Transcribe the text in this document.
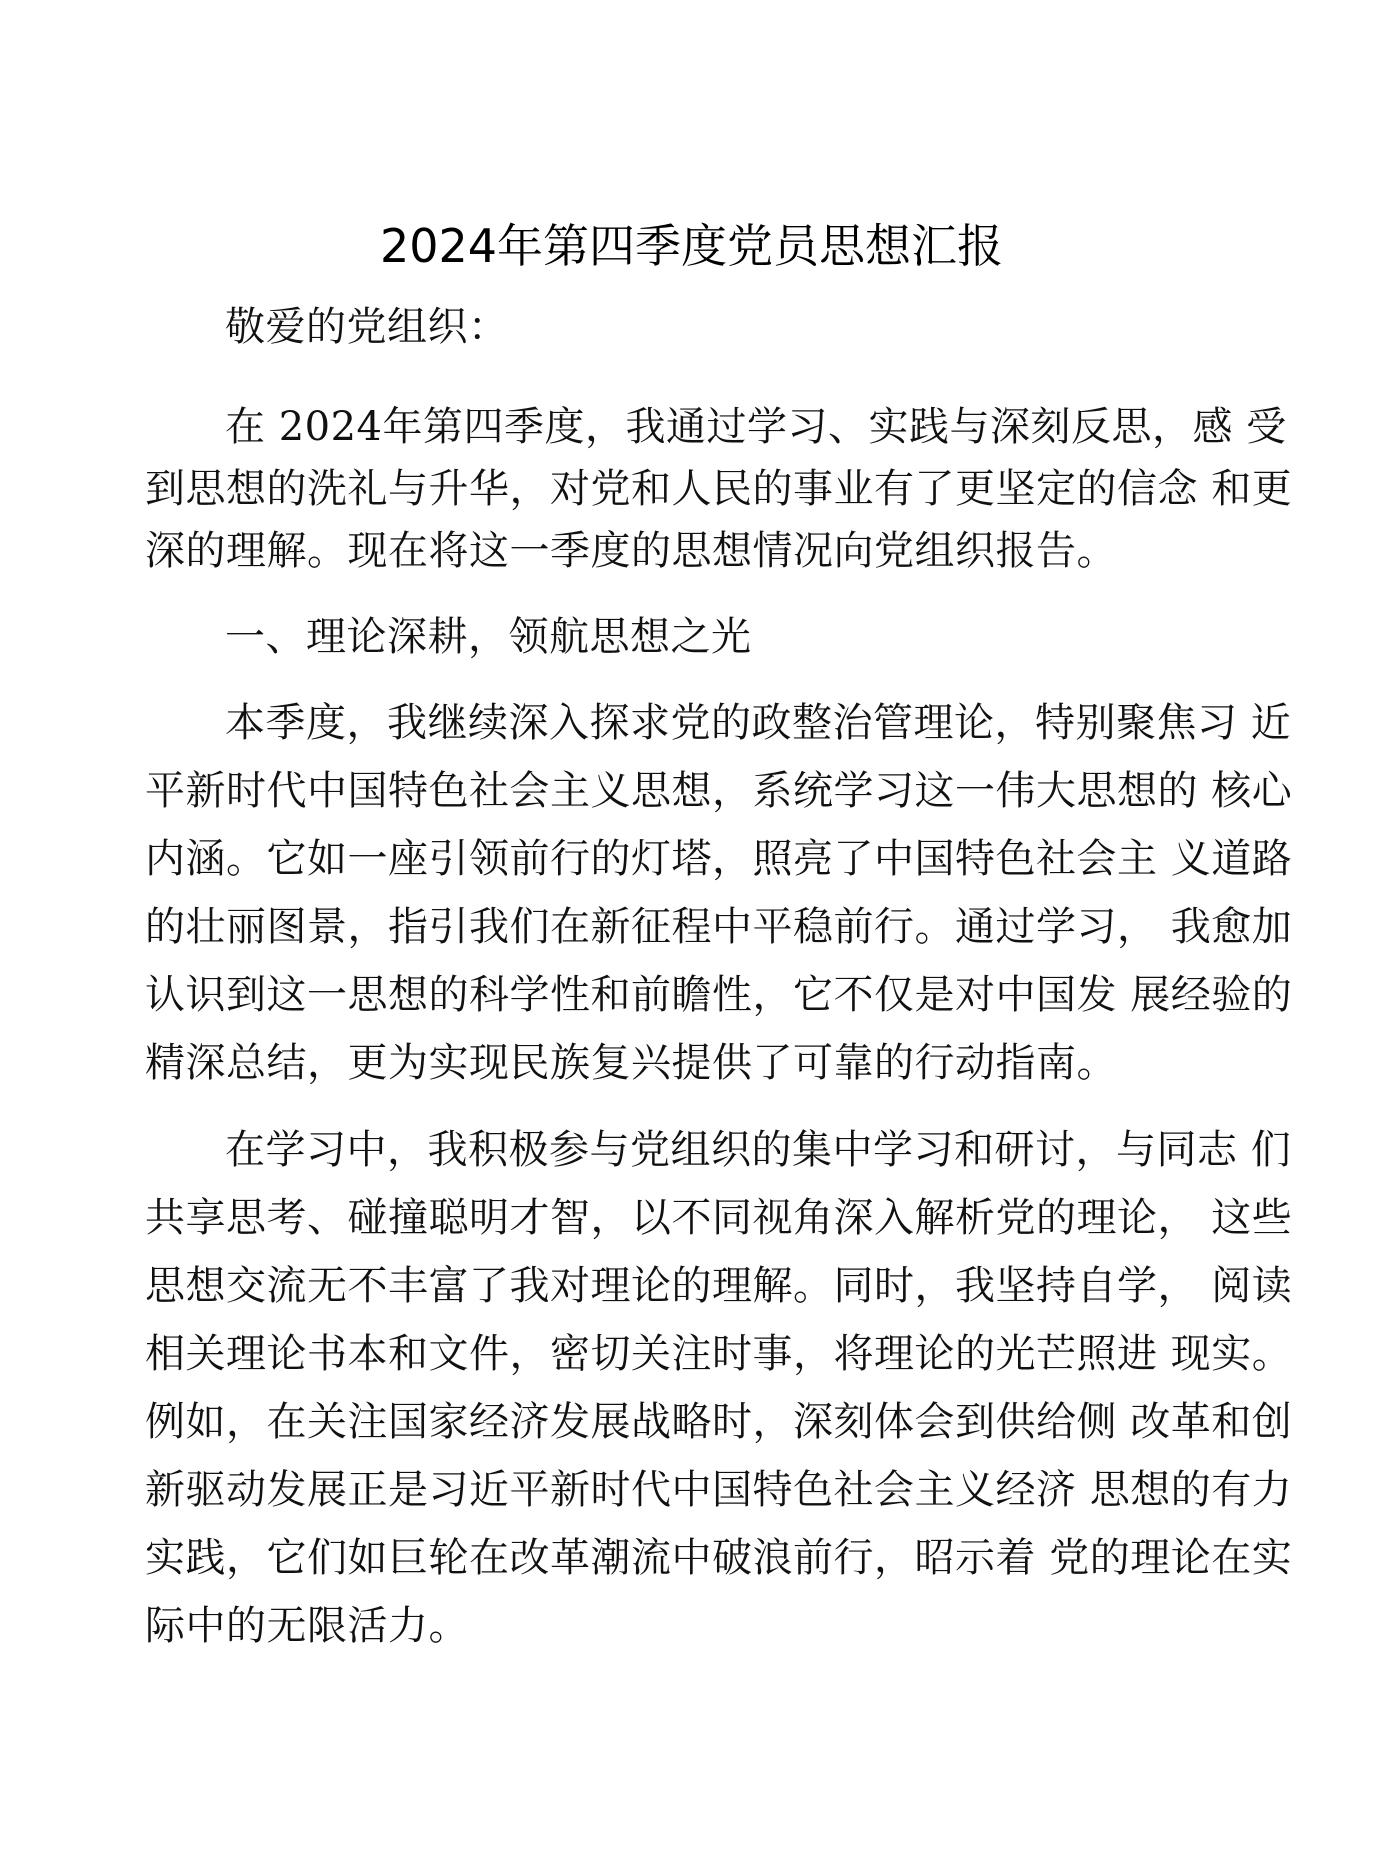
2024年第四季度党员思想汇报
敬爱的党组织：
在 2024年第四季度，我通过学习、实践与深刻反思，感 受
到思想的洗礼与升华，对党和人民的事业有了更坚定的信念 和更
深的理解。现在将这一季度的思想情况向党组织报告。
一、理论深耕，领航思想之光
本季度，我继续深入探求党的政整治管理论，特别聚焦习 近
平新时代中国特色社会主义思想，系统学习这一伟大思想的 核心
内涵。它如一座引领前行的灯塔，照亮了中国特色社会主 义道路
的壮丽图景，指引我们在新征程中平稳前行。通过学习， 我愈加
认识到这一思想的科学性和前瞻性，它不仅是对中国发 展经验的
精深总结，更为实现民族复兴提供了可靠的行动指南。
在学习中，我积极参与党组织的集中学习和研讨，与同志 们
共享思考、碰撞聪明才智，以不同视角深入解析党的理论， 这些
思想交流无不丰富了我对理论的理解。同时，我坚持自学， 阅读
相关理论书本和文件，密切关注时事，将理论的光芒照进 现实。
例如，在关注国家经济发展战略时，深刻体会到供给侧 改革和创
新驱动发展正是习近平新时代中国特色社会主义经济 思想的有力
实践，它们如巨轮在改革潮流中破浪前行，昭示着 党的理论在实
际中的无限活力。
